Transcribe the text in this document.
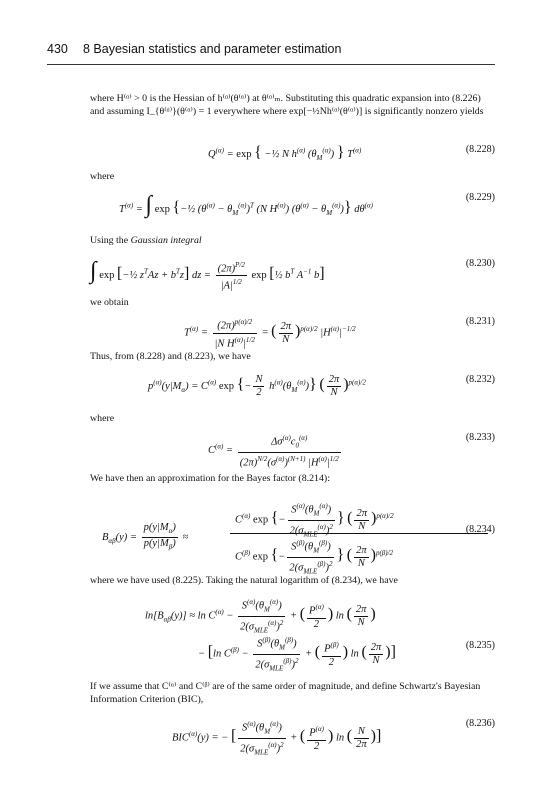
430 8 Bayesian statistics and parameter estimation
where H⁽ᵅ⁾ > 0 is the Hessian of h⁽ᵅ⁾(θ⁽ᵅ⁾) at θ⁽ᵅ⁾ₘ. Substituting this quadratic expansion into (8.226) and assuming I_{θ⁽ᵅ⁾}(θ⁽ᵅ⁾) = 1 everywhere where exp[−½Nh⁽ᵅ⁾(θ⁽ᵅ⁾)] is significantly nonzero yields
$Q^{(\alpha)} = \exp$ { −½ N $h^{(\alpha)}$ $(\theta_M^{(\alpha)})$ } $T^{(\alpha)}$	(8.228)
where
$T^{(\alpha)}$ = ∫ exp {−½ $(\theta^{(\alpha)} - \theta_M^{(\alpha)})^T$ (N $H^{(\alpha)}$) $(\theta^{(\alpha)} - \theta_M^{(\alpha)})$} $d\theta^{(\alpha)}$
(8.229)
Using the Gaussian integral
∫ exp [−½ $z^TAz + b^Tz$] dz = $\frac{(2\pi)^{P/2}}{|A|^{1/2}}$ exp [½ $b^T$ $A^{-1}$ b]
(8.230)
we obtain
$T^{(\alpha)} = \frac{(2\pi)^{p(\alpha)/2}}{|N H^{(\alpha)}|^{1/2}}$ = ( $\frac{2\pi}{N} )^{p(\alpha)/2}$ $|H^{(\alpha)}|^{-1/2}$
(8.231)
Thus, from (8.228) and (8.223), we have
$p^{(\alpha)}(y|M_\alpha) = C^{(\alpha)}$ exp {− $\frac{N}{2} h^{(\alpha)}(\theta_M^{(\alpha)})$} ( $\frac{2\pi}{N} )^{p(\alpha)/2}$	(8.232)
where
$C^{(\alpha)} = \frac{\Delta\sigma^{(\alpha)}c_0^{(\alpha)}}{(2\pi)^{N/2}(\sigma^{(\alpha)})^{(N+1)} |H^{(\alpha)}|^{1/2}}$	(8.233)
We have then an approximation for the Bayes factor (8.214):
$B_{\alpha\beta}(y) = \frac{p(y|M_\alpha)}{p(y|M_\beta)}$ ≈
$C^{(\alpha)}$ exp {− $\frac{S^{(\alpha)}(\theta_M^{(\alpha)})}{2(\sigma_{MLE}^{(\alpha)})^2}$ } ( $\frac{2\pi}{N} )^{p(\alpha)/2}$
$C^{(\beta)}$ exp {− $\frac{S^{(\beta)}(\theta_M^{(\beta)})}{2(\sigma_{MLE}^{(\beta)})^2}$ } ( $\frac{2\pi}{N} )^{p(\beta)/2}$
(8.234)
where we have used (8.225). Taking the natural logarithm of (8.234), we have
$\ln[B_{\alpha\beta}(y)] \approx \ln C^{(\alpha)} - \frac{S^{(\alpha)}(\theta_M^{(\alpha)})}{2(\sigma_{MLE}^{(\alpha)})^2}$ + ( $\frac{P^{(\alpha)}}{2}$ ) ln ( $\frac{2\pi}{N}$ )
− [ln $C^{(\beta)} - \frac{S^{(\beta)}(\theta_M^{(\beta)})}{2(\sigma_{MLE}^{(\beta)})^2}$ + ( $\frac{P^{(\beta)}}{2}$ ) ln ( $\frac{2\pi}{N}$ )]	(8.235)
If we assume that C⁽ᵅ⁾ and C⁽ᵝ⁾ are of the same order of magnitude, and define Schwartz's Bayesian Information Criterion (BIC),
$BIC^{(\alpha)}(y)$ = − [ $\frac{S^{(\alpha)}(\theta_M^{(\alpha)})}{2(\sigma_{MLE}^{(\alpha)})^2}$ + ( $\frac{P^{(\alpha)}}{2}$ ) ln ( $\frac{N}{2\pi}$ )]
(8.236)
